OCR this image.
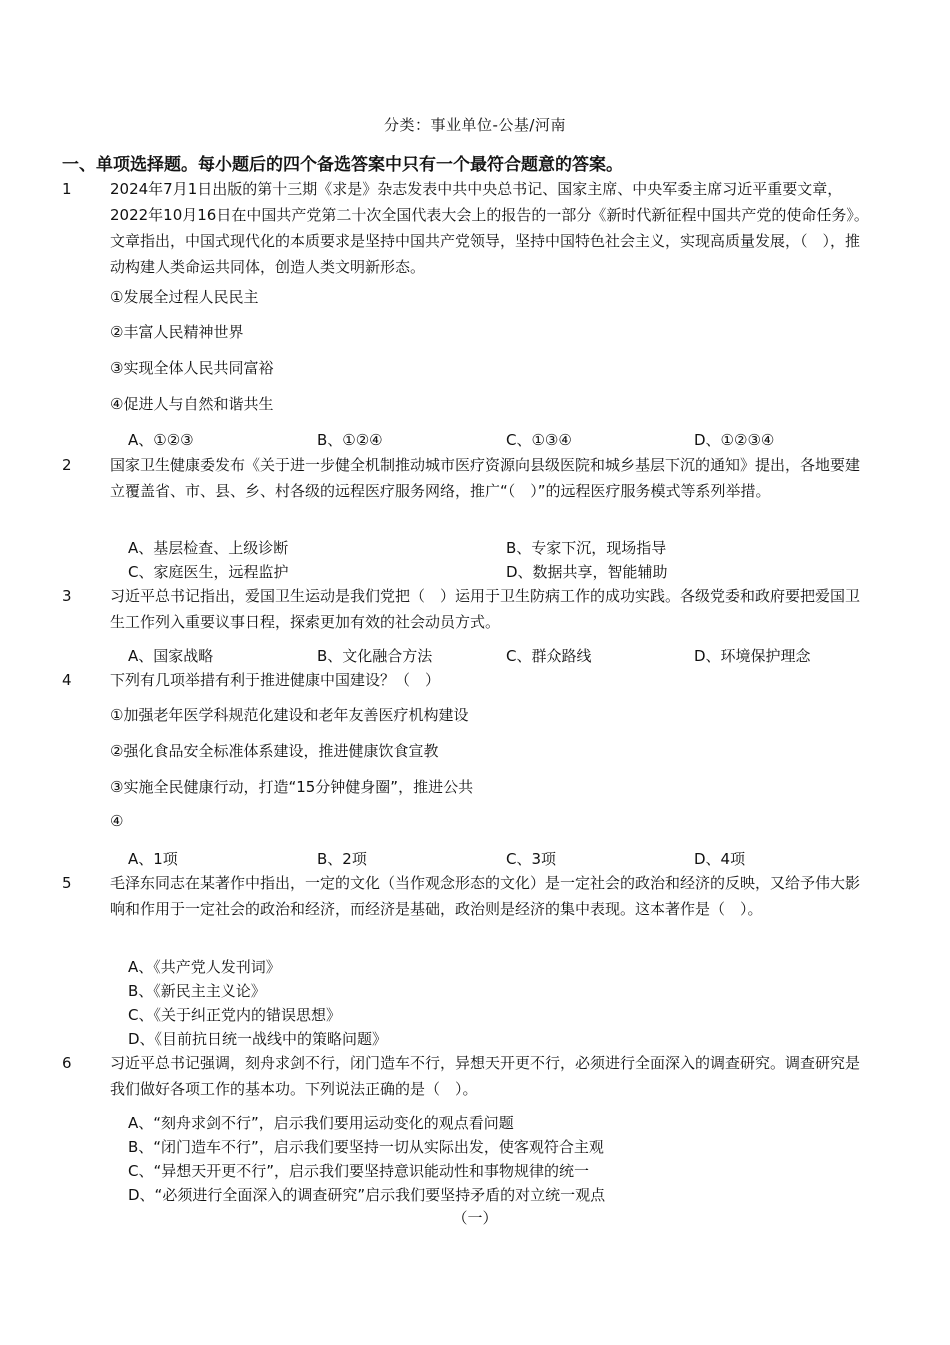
分类：事业单位-公基/河南
一、单项选择题。每小题后的四个备选答案中只有一个最符合题意的答案。
1	2024年7月1日出版的第十三期《求是》杂志发表中共中央总书记、国家主席、中央军委主席习近平重要文章，2022年10月16日在中国共产党第二十次全国代表大会上的报告的一部分《新时代新征程中国共产党的使命任务》。文章指出，中国式现代化的本质要求是坚持中国共产党领导，坚持中国特色社会主义，实现高质量发展，（　），推动构建人类命运共同体，创造人类文明新形态。
①发展全过程人民民主
②丰富人民精神世界
③实现全体人民共同富裕
④促进人与自然和谐共生
A、①②③	B、①②④	C、①③④	D、①②③④
2	国家卫生健康委发布《关于进一步健全机制推动城市医疗资源向县级医院和城乡基层下沉的通知》提出，各地要建立覆盖省、市、县、乡、村各级的远程医疗服务网络，推广“（　）”的远程医疗服务模式等系列举措。
A、基层检查、上级诊断	B、专家下沉，现场指导
C、家庭医生，远程监护	D、数据共享，智能辅助
3	习近平总书记指出，爱国卫生运动是我们党把（　）运用于卫生防病工作的成功实践。各级党委和政府要把爱国卫生工作列入重要议事日程，探索更加有效的社会动员方式。
A、国家战略	B、文化融合方法	C、群众路线	D、环境保护理念
4	下列有几项举措有利于推进健康中国建设？（　）
①加强老年医学科规范化建设和老年友善医疗机构建设
②强化食品安全标准体系建设，推进健康饮食宣教
③实施全民健康行动，打造“15分钟健身圈”，推进公共
④
A、1项	B、2项	C、3项	D、4项
5	毛泽东同志在某著作中指出，一定的文化（当作观念形态的文化）是一定社会的政治和经济的反映，又给予伟大影响和作用于一定社会的政治和经济，而经济是基础，政治则是经济的集中表现。这本著作是（　）。
A、《共产党人发刊词》
B、《新民主主义论》
C、《关于纠正党内的错误思想》
D、《目前抗日统一战线中的策略问题》
6	习近平总书记强调，刻舟求剑不行，闭门造车不行，异想天开更不行，必须进行全面深入的调查研究。调查研究是我们做好各项工作的基本功。下列说法正确的是（　）。
A、“刻舟求剑不行”，启示我们要用运动变化的观点看问题
B、“闭门造车不行”，启示我们要坚持一切从实际出发，使客观符合主观
C、“异想天开更不行”，启示我们要坚持意识能动性和事物规律的统一
D、“必须进行全面深入的调查研究”启示我们要坚持矛盾的对立统一观点
（一）
